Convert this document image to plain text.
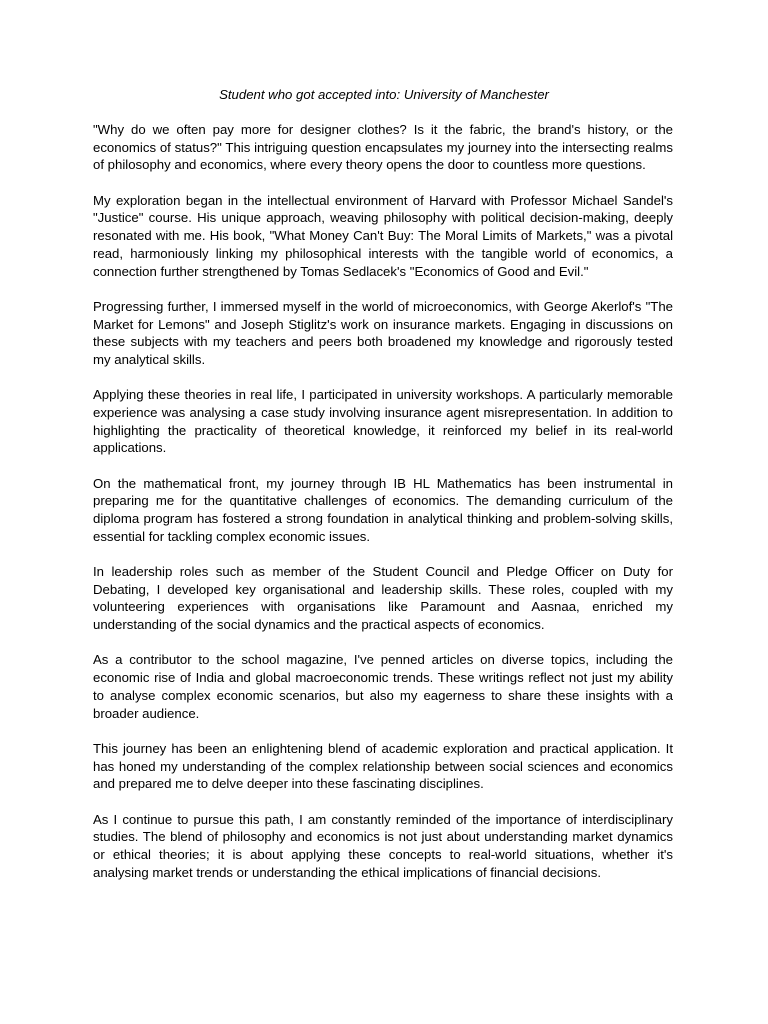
Student who got accepted into: University of Manchester

"Why do we often pay more for designer clothes? Is it the fabric, the brand's history, or the economics of status?" This intriguing question encapsulates my journey into the intersecting realms of philosophy and economics, where every theory opens the door to countless more questions.

My exploration began in the intellectual environment of Harvard with Professor Michael Sandel's "Justice" course. His unique approach, weaving philosophy with political decision-making, deeply resonated with me. His book, "What Money Can't Buy: The Moral Limits of Markets," was a pivotal read, harmoniously linking my philosophical interests with the tangible world of economics, a connection further strengthened by Tomas Sedlacek's "Economics of Good and Evil."

Progressing further, I immersed myself in the world of microeconomics, with George Akerlof's "The Market for Lemons" and Joseph Stiglitz's work on insurance markets. Engaging in discussions on these subjects with my teachers and peers both broadened my knowledge and rigorously tested my analytical skills.

Applying these theories in real life, I participated in university workshops. A particularly memorable experience was analysing a case study involving insurance agent misrepresentation. In addition to highlighting the practicality of theoretical knowledge, it reinforced my belief in its real-world applications.

On the mathematical front, my journey through IB HL Mathematics has been instrumental in preparing me for the quantitative challenges of economics. The demanding curriculum of the diploma program has fostered a strong foundation in analytical thinking and problem-solving skills, essential for tackling complex economic issues.

In leadership roles such as member of the Student Council and Pledge Officer on Duty for Debating, I developed key organisational and leadership skills. These roles, coupled with my volunteering experiences with organisations like Paramount and Aasnaa, enriched my understanding of the social dynamics and the practical aspects of economics.

As a contributor to the school magazine, I've penned articles on diverse topics, including the economic rise of India and global macroeconomic trends. These writings reflect not just my ability to analyse complex economic scenarios, but also my eagerness to share these insights with a broader audience.

This journey has been an enlightening blend of academic exploration and practical application. It has honed my understanding of the complex relationship between social sciences and economics and prepared me to delve deeper into these fascinating disciplines.

As I continue to pursue this path, I am constantly reminded of the importance of interdisciplinary studies. The blend of philosophy and economics is not just about understanding market dynamics or ethical theories; it is about applying these concepts to real-world situations, whether it's analysing market trends or understanding the ethical implications of financial decisions.
